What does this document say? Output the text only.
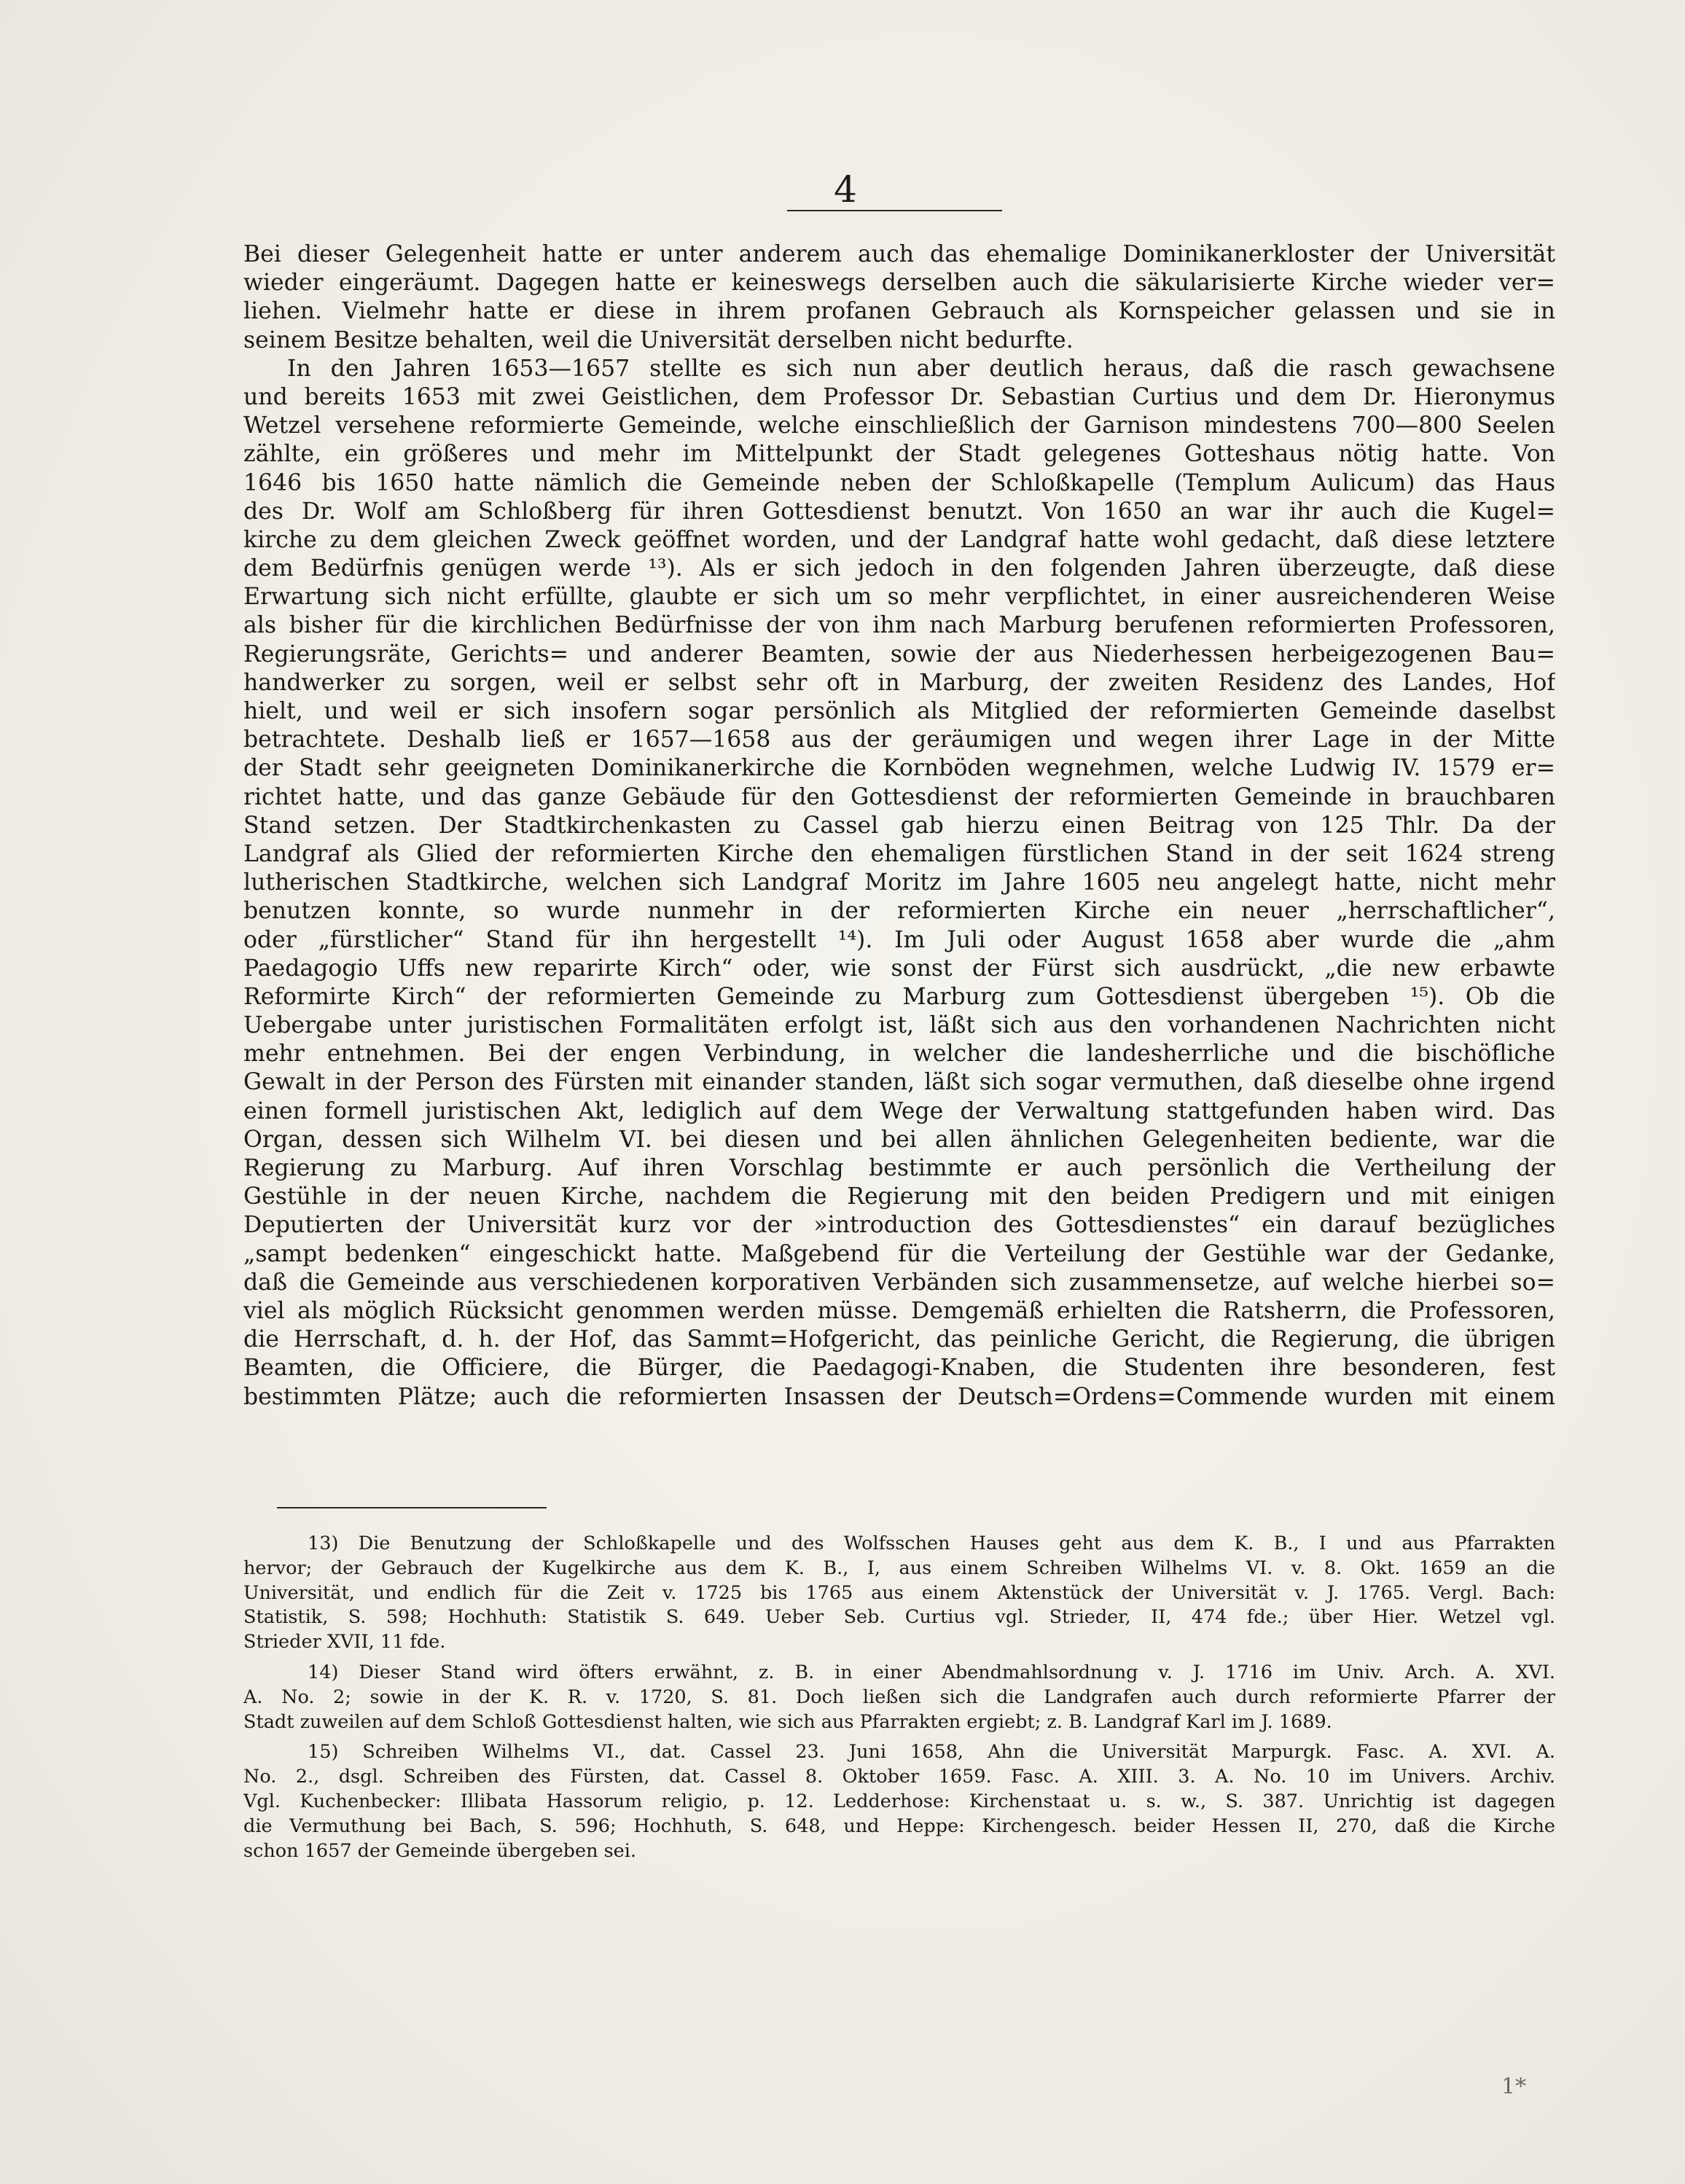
4
Bei dieser Gelegenheit hatte er unter anderem auch das ehemalige Dominikanerkloster der Universität
wieder eingeräumt. Dagegen hatte er keineswegs derselben auch die säkularisierte Kirche wieder ver=
liehen. Vielmehr hatte er diese in ihrem profanen Gebrauch als Kornspeicher gelassen und sie in
seinem Besitze behalten, weil die Universität derselben nicht bedurfte.
In den Jahren 1653—1657 stellte es sich nun aber deutlich heraus, daß die rasch gewachsene
und bereits 1653 mit zwei Geistlichen, dem Professor Dr. Sebastian Curtius und dem Dr. Hieronymus
Wetzel versehene reformierte Gemeinde, welche einschließlich der Garnison mindestens 700—800 Seelen
zählte, ein größeres und mehr im Mittelpunkt der Stadt gelegenes Gotteshaus nötig hatte. Von
1646 bis 1650 hatte nämlich die Gemeinde neben der Schloßkapelle (Templum Aulicum) das Haus
des Dr. Wolf am Schloßberg für ihren Gottesdienst benutzt. Von 1650 an war ihr auch die Kugel=
kirche zu dem gleichen Zweck geöffnet worden, und der Landgraf hatte wohl gedacht, daß diese letztere
dem Bedürfnis genügen werde ¹³). Als er sich jedoch in den folgenden Jahren überzeugte, daß diese
Erwartung sich nicht erfüllte, glaubte er sich um so mehr verpflichtet, in einer ausreichenderen Weise
als bisher für die kirchlichen Bedürfnisse der von ihm nach Marburg berufenen reformierten Professoren,
Regierungsräte, Gerichts= und anderer Beamten, sowie der aus Niederhessen herbeigezogenen Bau=
handwerker zu sorgen, weil er selbst sehr oft in Marburg, der zweiten Residenz des Landes, Hof
hielt, und weil er sich insofern sogar persönlich als Mitglied der reformierten Gemeinde daselbst
betrachtete. Deshalb ließ er 1657—1658 aus der geräumigen und wegen ihrer Lage in der Mitte
der Stadt sehr geeigneten Dominikanerkirche die Kornböden wegnehmen, welche Ludwig IV. 1579 er=
richtet hatte, und das ganze Gebäude für den Gottesdienst der reformierten Gemeinde in brauchbaren
Stand setzen. Der Stadtkirchenkasten zu Cassel gab hierzu einen Beitrag von 125 Thlr. Da der
Landgraf als Glied der reformierten Kirche den ehemaligen fürstlichen Stand in der seit 1624 streng
lutherischen Stadtkirche, welchen sich Landgraf Moritz im Jahre 1605 neu angelegt hatte, nicht mehr
benutzen konnte, so wurde nunmehr in der reformierten Kirche ein neuer „herrschaftlicher“,
oder „fürstlicher“ Stand für ihn hergestellt ¹⁴). Im Juli oder August 1658 aber wurde die „ahm
Paedagogio Uffs new reparirte Kirch“ oder, wie sonst der Fürst sich ausdrückt, „die new erbawte
Reformirte Kirch“ der reformierten Gemeinde zu Marburg zum Gottesdienst übergeben ¹⁵). Ob die
Uebergabe unter juristischen Formalitäten erfolgt ist, läßt sich aus den vorhandenen Nachrichten nicht
mehr entnehmen. Bei der engen Verbindung, in welcher die landesherrliche und die bischöfliche
Gewalt in der Person des Fürsten mit einander standen, läßt sich sogar vermuthen, daß dieselbe ohne irgend
einen formell juristischen Akt, lediglich auf dem Wege der Verwaltung stattgefunden haben wird. Das
Organ, dessen sich Wilhelm VI. bei diesen und bei allen ähnlichen Gelegenheiten bediente, war die
Regierung zu Marburg. Auf ihren Vorschlag bestimmte er auch persönlich die Vertheilung der
Gestühle in der neuen Kirche, nachdem die Regierung mit den beiden Predigern und mit einigen
Deputierten der Universität kurz vor der »introduction des Gottesdienstes“ ein darauf bezügliches
„sampt bedenken“ eingeschickt hatte. Maßgebend für die Verteilung der Gestühle war der Gedanke,
daß die Gemeinde aus verschiedenen korporativen Verbänden sich zusammensetze, auf welche hierbei so=
viel als möglich Rücksicht genommen werden müsse. Demgemäß erhielten die Ratsherrn, die Professoren,
die Herrschaft, d. h. der Hof, das Sammt=Hofgericht, das peinliche Gericht, die Regierung, die übrigen
Beamten, die Officiere, die Bürger, die Paedagogi-Knaben, die Studenten ihre besonderen, fest
bestimmten Plätze; auch die reformierten Insassen der Deutsch=Ordens=Commende wurden mit einem
13) Die Benutzung der Schloßkapelle und des Wolfsschen Hauses geht aus dem K. B., I und aus Pfarrakten
hervor; der Gebrauch der Kugelkirche aus dem K. B., I, aus einem Schreiben Wilhelms VI. v. 8. Okt. 1659 an die
Universität, und endlich für die Zeit v. 1725 bis 1765 aus einem Aktenstück der Universität v. J. 1765. Vergl. Bach:
Statistik, S. 598; Hochhuth: Statistik S. 649. Ueber Seb. Curtius vgl. Strieder, II, 474 fde.; über Hier. Wetzel vgl.
Strieder XVII, 11 fde.
14) Dieser Stand wird öfters erwähnt, z. B. in einer Abendmahlsordnung v. J. 1716 im Univ. Arch. A. XVI.
A. No. 2; sowie in der K. R. v. 1720, S. 81. Doch ließen sich die Landgrafen auch durch reformierte Pfarrer der
Stadt zuweilen auf dem Schloß Gottesdienst halten, wie sich aus Pfarrakten ergiebt; z. B. Landgraf Karl im J. 1689.
15) Schreiben Wilhelms VI., dat. Cassel 23. Juni 1658, Ahn die Universität Marpurgk. Fasc. A. XVI. A.
No. 2., dsgl. Schreiben des Fürsten, dat. Cassel 8. Oktober 1659. Fasc. A. XIII. 3. A. No. 10 im Univers. Archiv.
Vgl. Kuchenbecker: Illibata Hassorum religio, p. 12. Ledderhose: Kirchenstaat u. s. w., S. 387. Unrichtig ist dagegen
die Vermuthung bei Bach, S. 596; Hochhuth, S. 648, und Heppe: Kirchengesch. beider Hessen II, 270, daß die Kirche
schon 1657 der Gemeinde übergeben sei.
1*
